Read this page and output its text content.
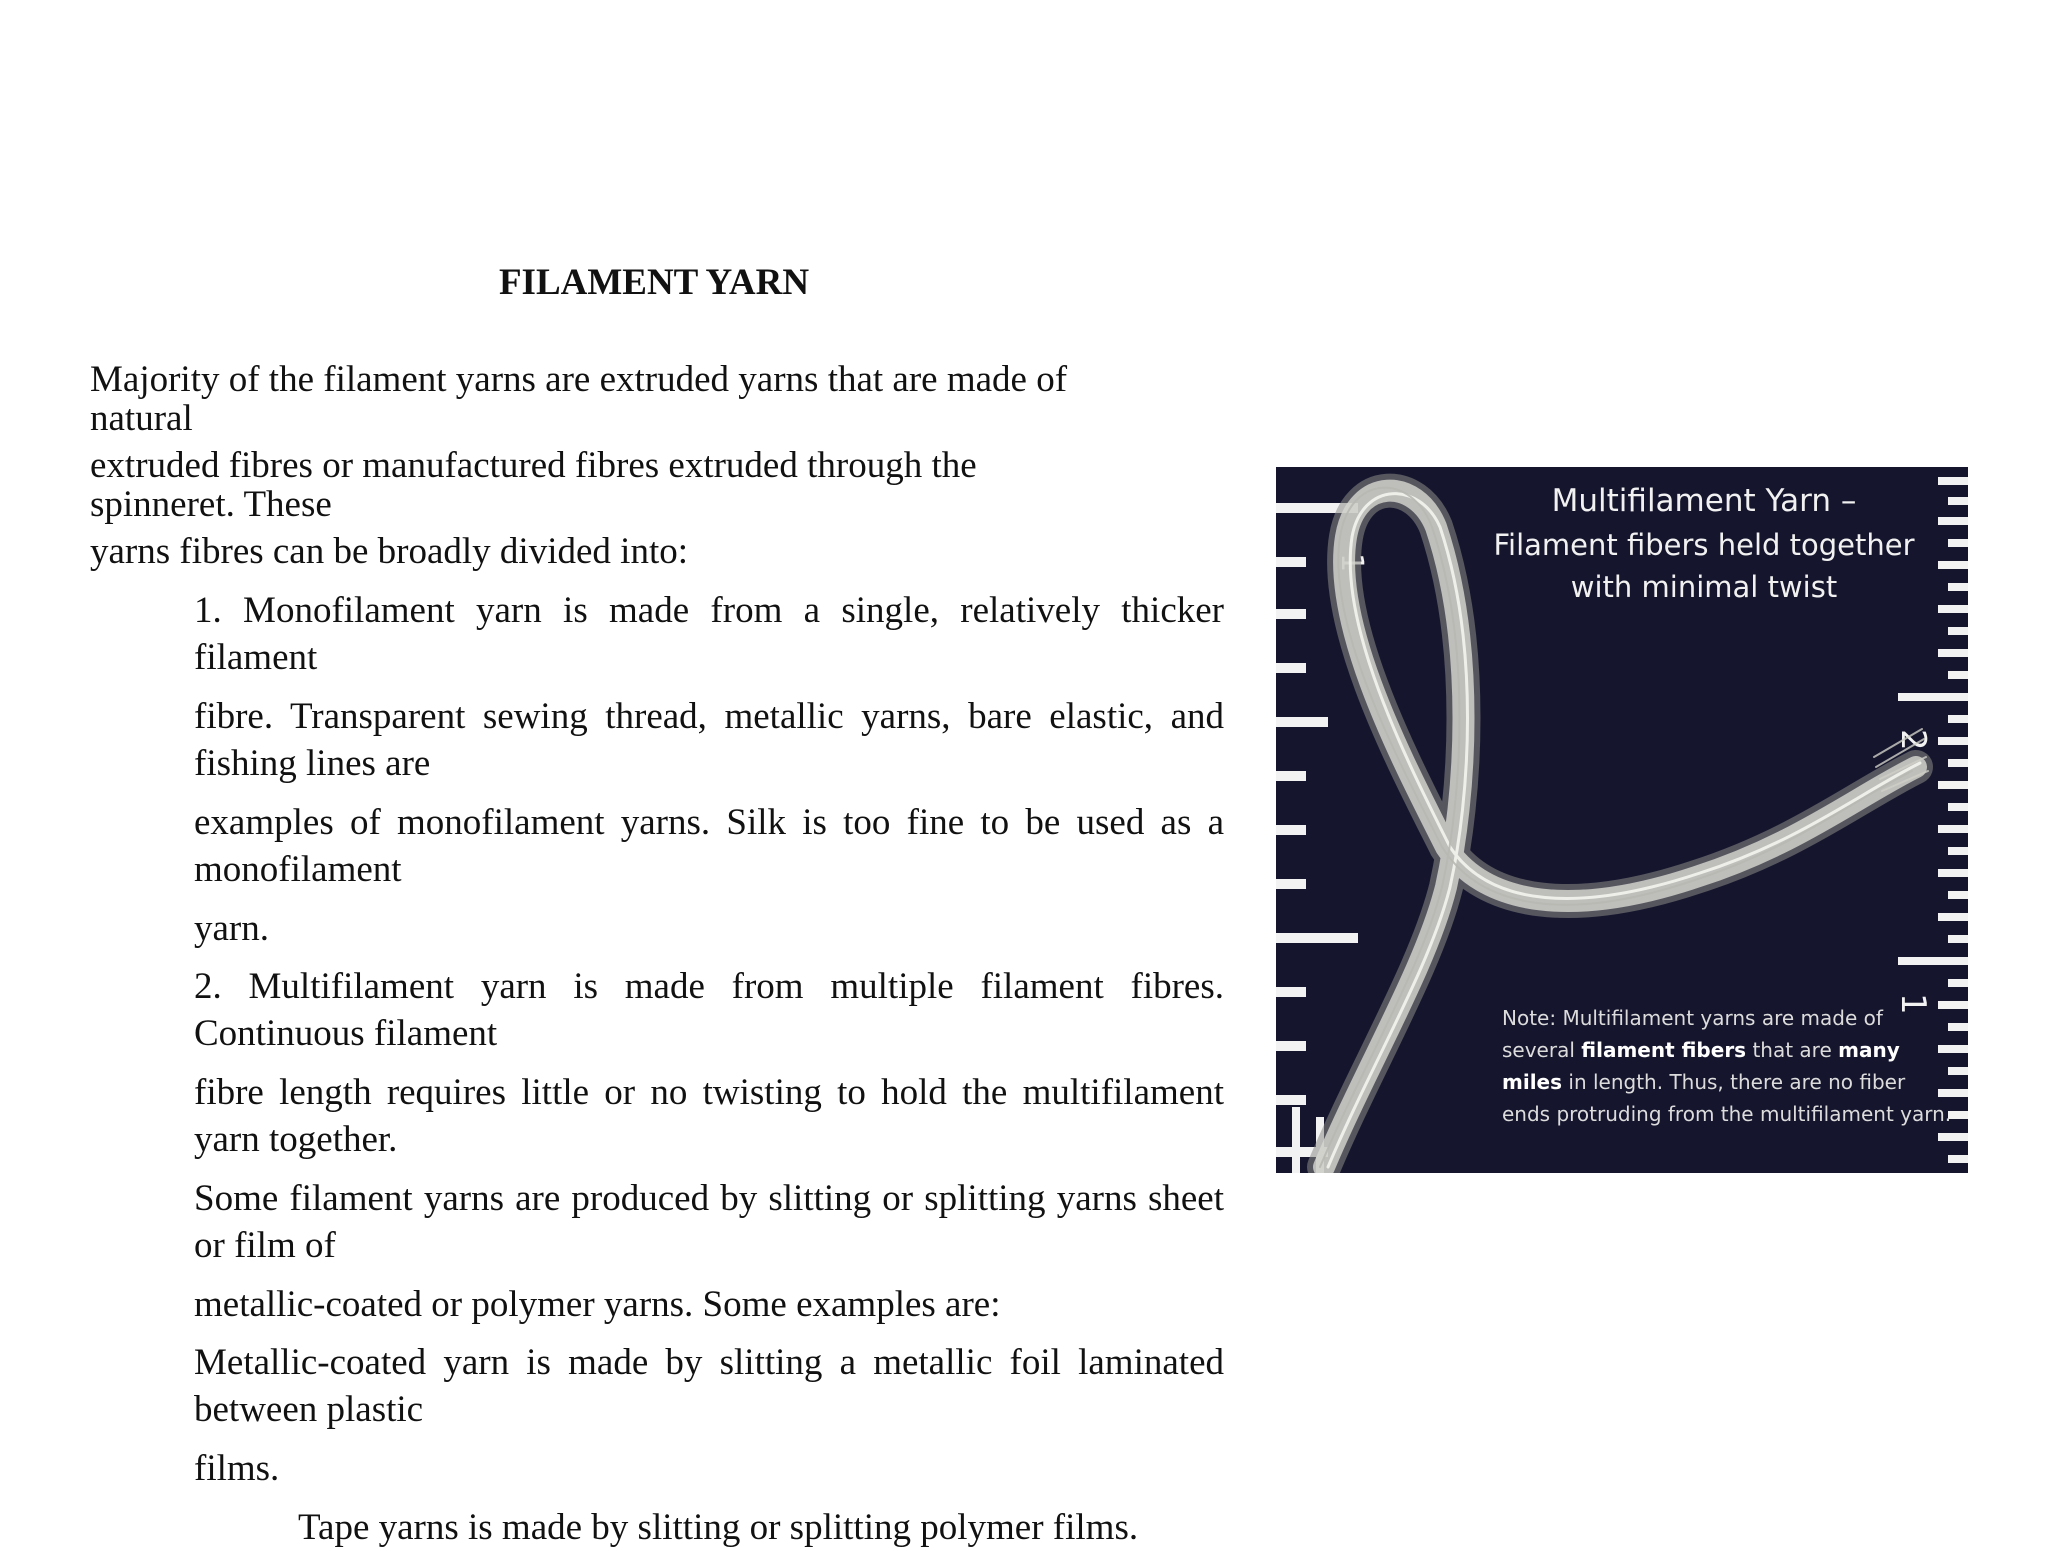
FILAMENT YARN
Majority of the filament yarns are extruded yarns that are made of
natural
extruded fibres or manufactured fibres extruded through the
spinneret. These
yarns fibres can be broadly divided into:
1. Monofilament yarn is made from a single, relatively thicker filament
fibre. Transparent sewing thread, metallic yarns, bare elastic, and fishing lines are
examples of monofilament yarns. Silk is too fine to be used as a monofilament
yarn.
2. Multifilament yarn is made from multiple filament fibres. Continuous filament
fibre length requires little or no twisting to hold the multifilament yarn together.
Some filament yarns are produced by slitting or splitting yarns sheet or film of
metallic-coated or polymer yarns. Some examples are:
Metallic-coated yarn is made by slitting a metallic foil laminated between plastic
films.
Tape yarns is made by slitting or splitting polymer films.
1
2
1
Multifilament Yarn –
Filament fibers held together
with minimal twist
Note: Multifilament yarns are made of
several filament fibers that are many
miles in length. Thus, there are no fiber
ends protruding from the multifilament yarn.
